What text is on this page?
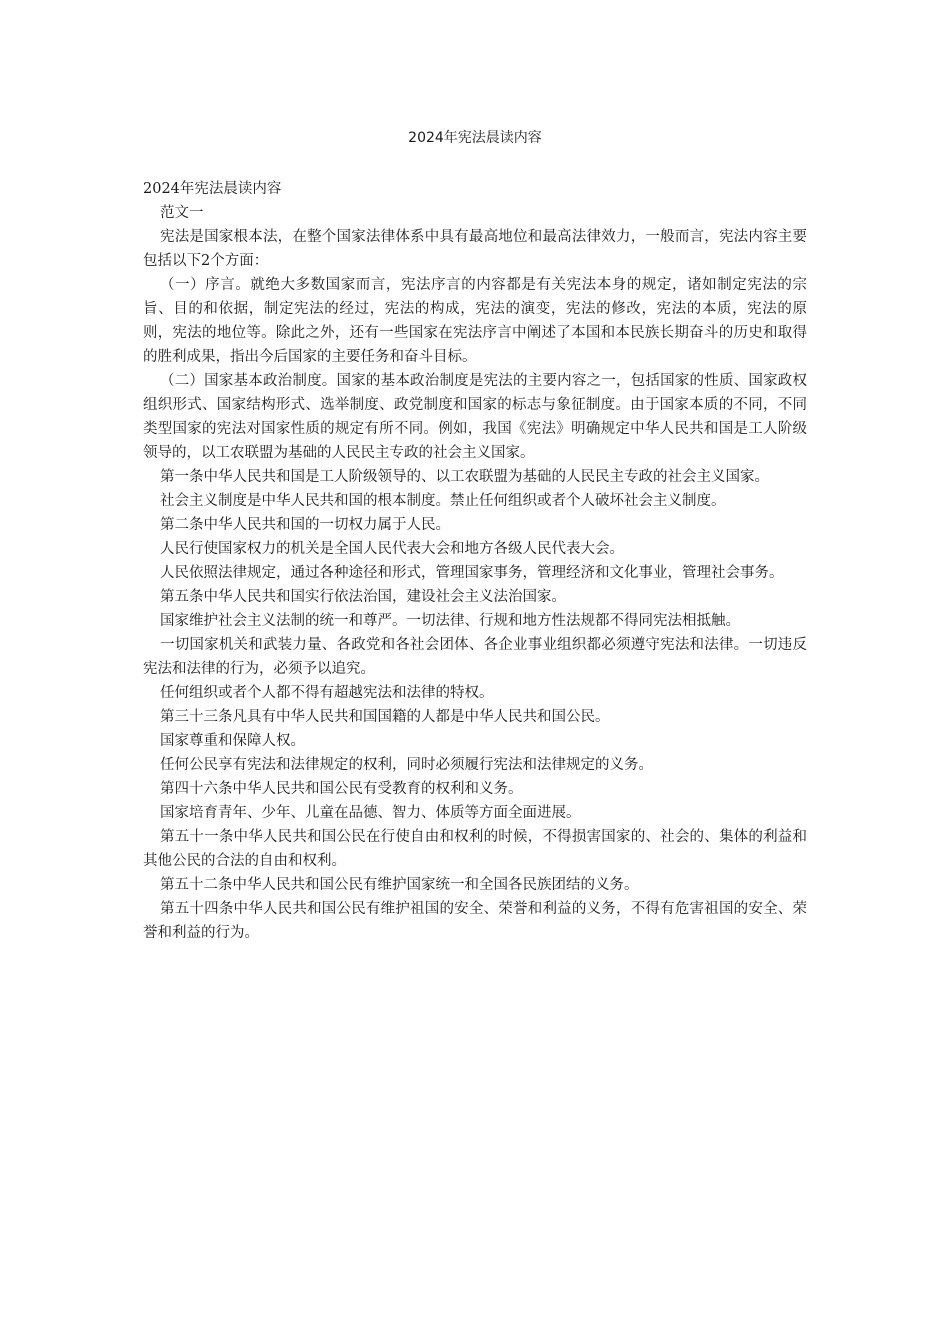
2024年宪法晨读内容

2024年宪法晨读内容

范文一

宪法是国家根本法，在整个国家法律体系中具有最高地位和最高法律效力，一般而言，宪法内容主要包括以下2个方面：

（一）序言。就绝大多数国家而言，宪法序言的内容都是有关宪法本身的规定，诸如制定宪法的宗旨、目的和依据，制定宪法的经过，宪法的构成，宪法的演变，宪法的修改，宪法的本质，宪法的原则，宪法的地位等。除此之外，还有一些国家在宪法序言中阐述了本国和本民族长期奋斗的历史和取得的胜利成果，指出今后国家的主要任务和奋斗目标。

（二）国家基本政治制度。国家的基本政治制度是宪法的主要内容之一，包括国家的性质、国家政权组织形式、国家结构形式、选举制度、政党制度和国家的标志与象征制度。由于国家本质的不同，不同类型国家的宪法对国家性质的规定有所不同。例如，我国《宪法》明确规定中华人民共和国是工人阶级领导的，以工农联盟为基础的人民民主专政的社会主义国家。

第一条中华人民共和国是工人阶级领导的、以工农联盟为基础的人民民主专政的社会主义国家。

社会主义制度是中华人民共和国的根本制度。禁止任何组织或者个人破坏社会主义制度。

第二条中华人民共和国的一切权力属于人民。

人民行使国家权力的机关是全国人民代表大会和地方各级人民代表大会。

人民依照法律规定，通过各种途径和形式，管理国家事务，管理经济和文化事业，管理社会事务。

第五条中华人民共和国实行依法治国，建设社会主义法治国家。

国家维护社会主义法制的统一和尊严。一切法律、行规和地方性法规都不得同宪法相抵触。

一切国家机关和武装力量、各政党和各社会团体、各企业事业组织都必须遵守宪法和法律。一切违反宪法和法律的行为，必须予以追究。

任何组织或者个人都不得有超越宪法和法律的特权。

第三十三条凡具有中华人民共和国国籍的人都是中华人民共和国公民。

国家尊重和保障人权。

任何公民享有宪法和法律规定的权利，同时必须履行宪法和法律规定的义务。

第四十六条中华人民共和国公民有受教育的权利和义务。

国家培育青年、少年、儿童在品德、智力、体质等方面全面进展。

第五十一条中华人民共和国公民在行使自由和权利的时候，不得损害国家的、社会的、集体的利益和其他公民的合法的自由和权利。

第五十二条中华人民共和国公民有维护国家统一和全国各民族团结的义务。

第五十四条中华人民共和国公民有维护祖国的安全、荣誉和利益的义务，不得有危害祖国的安全、荣誉和利益的行为。
